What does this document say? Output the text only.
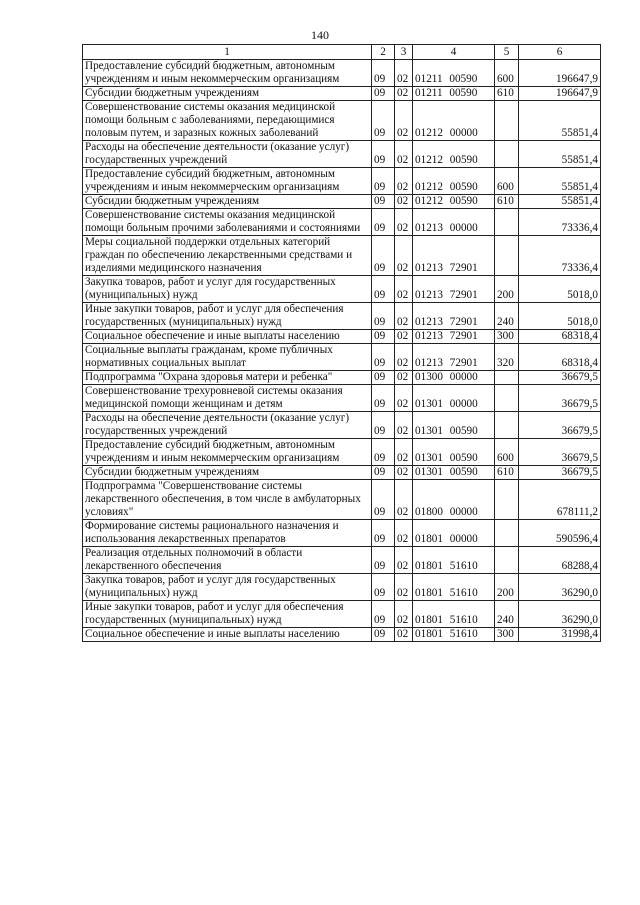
140
1	2	3	4	5	6
Предоставление субсидий бюджетным, автономным учреждениям и иным некоммерческим организациям	09	02	01211 00590	600	196647,9
Субсидии бюджетным учреждениям	09	02	01211 00590	610	196647,9
Совершенствование системы оказания медицинской помощи больным с заболеваниями, передающимися половым путем, и заразных кожных заболеваний	09	02	01212 00000		55851,4
Расходы на обеспечение деятельности (оказание услуг) государственных учреждений	09	02	01212 00590		55851,4
Предоставление субсидий бюджетным, автономным учреждениям и иным некоммерческим организациям	09	02	01212 00590	600	55851,4
Субсидии бюджетным учреждениям	09	02	01212 00590	610	55851,4
Совершенствование системы оказания медицинской помощи больным прочими заболеваниями и состояниями	09	02	01213 00000		73336,4
Меры социальной поддержки отдельных категорий граждан по обеспечению лекарственными средствами и изделиями медицинского назначения	09	02	01213 72901		73336,4
Закупка товаров, работ и услуг для государственных (муниципальных) нужд	09	02	01213 72901	200	5018,0
Иные закупки товаров, работ и услуг для обеспечения государственных (муниципальных) нужд	09	02	01213 72901	240	5018,0
Социальное обеспечение и иные выплаты населению	09	02	01213 72901	300	68318,4
Социальные выплаты гражданам, кроме публичных нормативных социальных выплат	09	02	01213 72901	320	68318,4
Подпрограмма "Охрана здоровья матери и ребенка"	09	02	01300 00000		36679,5
Совершенствование трехуровневой системы оказания медицинской помощи женщинам и детям	09	02	01301 00000		36679,5
Расходы на обеспечение деятельности (оказание услуг) государственных учреждений	09	02	01301 00590		36679,5
Предоставление субсидий бюджетным, автономным учреждениям и иным некоммерческим организациям	09	02	01301 00590	600	36679,5
Субсидии бюджетным учреждениям	09	02	01301 00590	610	36679,5
Подпрограмма "Совершенствование системы лекарственного обеспечения, в том числе в амбулаторных условиях"	09	02	01800 00000		678111,2
Формирование системы рационального назначения и использования лекарственных препаратов	09	02	01801 00000		590596,4
Реализация отдельных полномочий в области лекарственного обеспечения	09	02	01801 51610		68288,4
Закупка товаров, работ и услуг для государственных (муниципальных) нужд	09	02	01801 51610	200	36290,0
Иные закупки товаров, работ и услуг для обеспечения государственных (муниципальных) нужд	09	02	01801 51610	240	36290,0
Социальное обеспечение и иные выплаты населению	09	02	01801 51610	300	31998,4
